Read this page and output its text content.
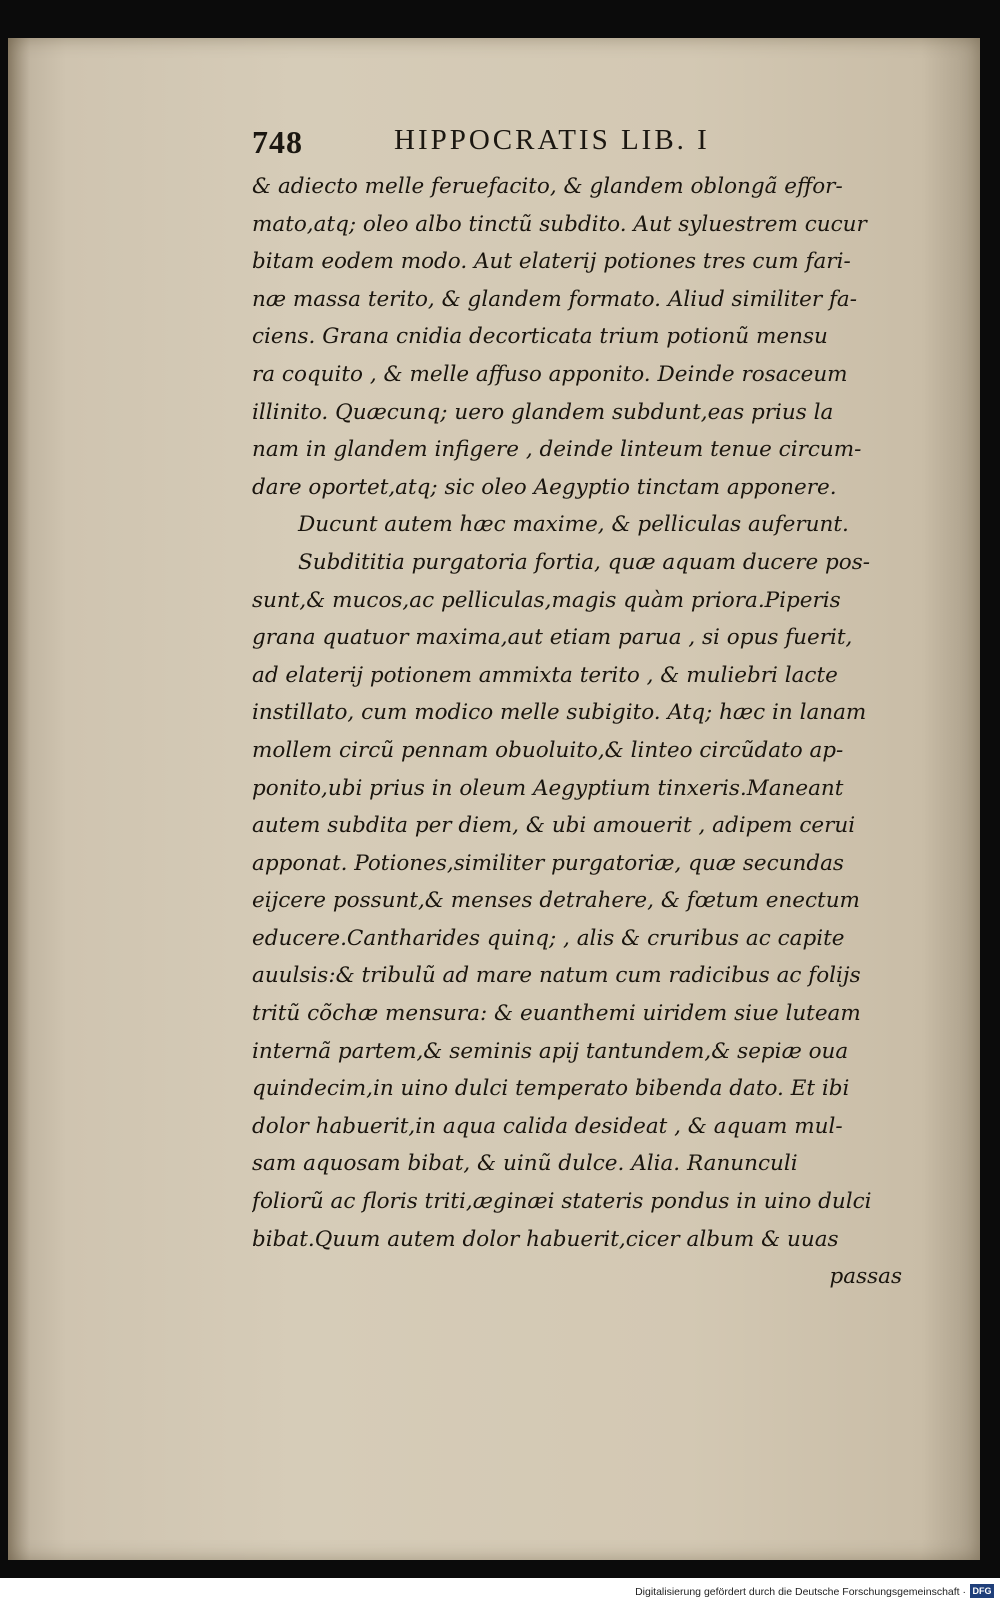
748	HIPPOCRATIS LIB. I
& adiecto melle feruefacito, & glandem oblongã effor-
mato,atq; oleo albo tinctũ subdito. Aut syluestrem cucur
bitam eodem modo. Aut elaterij potiones tres cum fari-
næ massa terito, & glandem formato. Aliud similiter fa-
ciens. Grana cnidia decorticata trium potionũ mensu
ra coquito , & melle affuso apponito. Deinde rosaceum
illinito. Quæcunq; uero glandem subdunt,eas prius la
nam in glandem infigere , deinde linteum tenue circum-
dare oportet,atq; sic oleo Aegyptio tinctam apponere.
Ducunt autem hæc maxime, & pelliculas auferunt.
Subdititia purgatoria fortia, quæ aquam ducere pos-
sunt,& mucos,ac pelliculas,magis quàm priora.Piperis
grana quatuor maxima,aut etiam parua , si opus fuerit,
ad elaterij potionem ammixta terito , & muliebri lacte
instillato, cum modico melle subigito. Atq; hæc in lanam
mollem circũ pennam obuoluito,& linteo circũdato ap-
ponito,ubi prius in oleum Aegyptium tinxeris.Maneant
autem subdita per diem, & ubi amouerit , adipem cerui
apponat. Potiones,similiter purgatoriæ, quæ secundas
eijcere possunt,& menses detrahere, & fœtum enectum
educere.Cantharides quinq; , alis & cruribus ac capite
auulsis:& tribulũ ad mare natum cum radicibus ac folijs
tritũ cõchæ mensura: & euanthemi uiridem siue luteam
internã partem,& seminis apij tantundem,& sepiæ oua
quindecim,in uino dulci temperato bibenda dato. Et ibi
dolor habuerit,in aqua calida desideat , & aquam mul-
sam aquosam bibat, & uinũ dulce. Alia. Ranunculi
foliorũ ac floris triti,æginæi stateris pondus in uino dulci
bibat.Quum autem dolor habuerit,cicer album & uuas
passas
Digitalisierung gefördert durch die Deutsche Forschungsgemeinschaft · DFG
